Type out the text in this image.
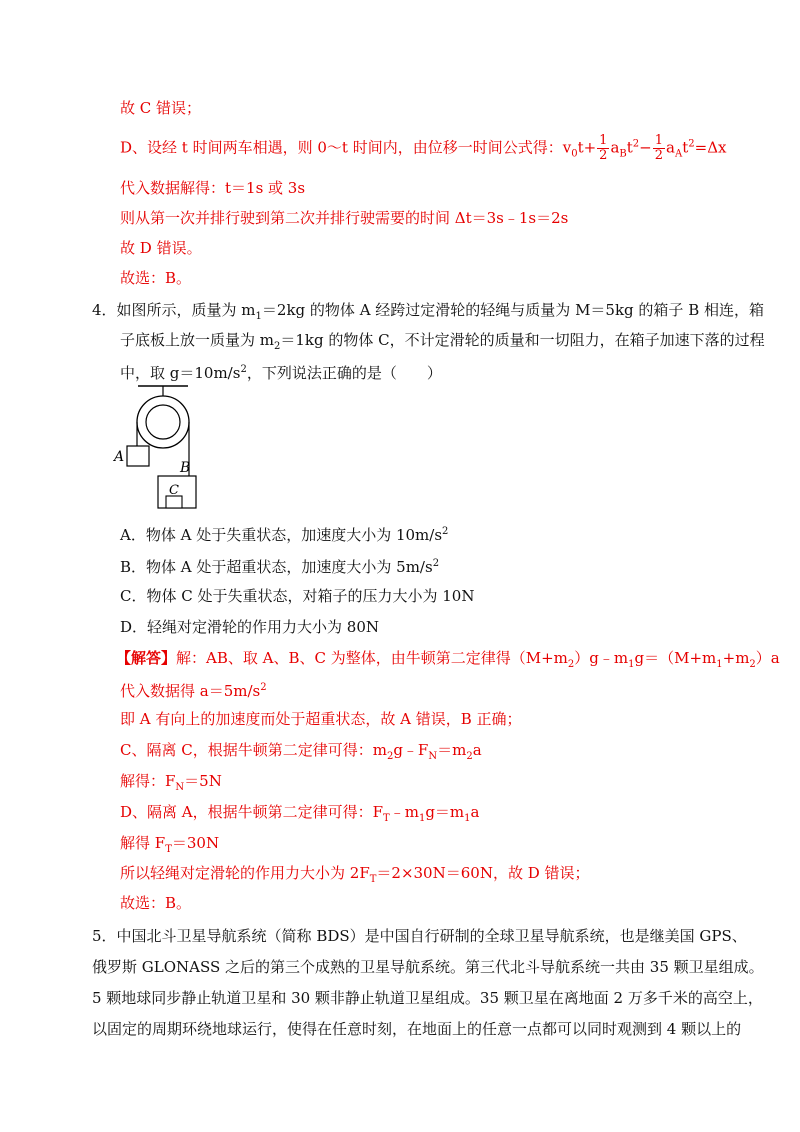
故 C 错误；
D、设经 t 时间两车相遇，则 0～t 时间内，由位移一时间公式得：$v_0t+ \frac{1}{2} a_Bt^2- \frac{1}{2} a_At^2=\Delta x$
代入数据解得：t＝1s 或 3s
则从第一次并排行驶到第二次并排行驶需要的时间 Δt＝3s﹣1s＝2s
故 D 错误。
故选：B。
4．如图所示，质量为 $m_1=2kg$ 的物体 A 经跨过定滑轮的轻绳与质量为 M＝5kg 的箱子 B 相连，箱
子底板上放一质量为 $m_2=1kg$ 的物体 C，不计定滑轮的质量和一切阻力，在箱子加速下落的过程
中，取 $g=10m/s^2$，下列说法正确的是（　　）
A
B
C
A．物体 A 处于失重状态，加速度大小为 $10m/s^2$
B．物体 A 处于超重状态，加速度大小为 $5m/s^2$
C．物体 C 处于失重状态，对箱子的压力大小为 10N
D．轻绳对定滑轮的作用力大小为 80N
【解答】解：AB、取 A、B、C 为整体，由牛顿第二定律得$(M+m_2)g﹣m_1g=(M+m_1+m_2)a$
代入数据得 $a=5m/s^2$
即 A 有向上的加速度而处于超重状态，故 A 错误，B 正确；
C、隔离 C，根据牛顿第二定律可得：$m_2g﹣F_N=m_2a$
解得：$F_N=5N$
D、隔离 A，根据牛顿第二定律可得：$F_T﹣m_1g=m_1a$
解得 $F_T=30N$
所以轻绳对定滑轮的作用力大小为 $2F_T=2\times 30N=60N$，故 D 错误；
故选：B。
5．中国北斗卫星导航系统（简称 BDS）是中国自行研制的全球卫星导航系统，也是继美国 GPS、
俄罗斯 GLONASS 之后的第三个成熟的卫星导航系统。第三代北斗导航系统一共由 35 颗卫星组成。
5 颗地球同步静止轨道卫星和 30 颗非静止轨道卫星组成。35 颗卫星在离地面 2 万多千米的高空上，
以固定的周期环绕地球运行，使得在任意时刻，在地面上的任意一点都可以同时观测到 4 颗以上的
